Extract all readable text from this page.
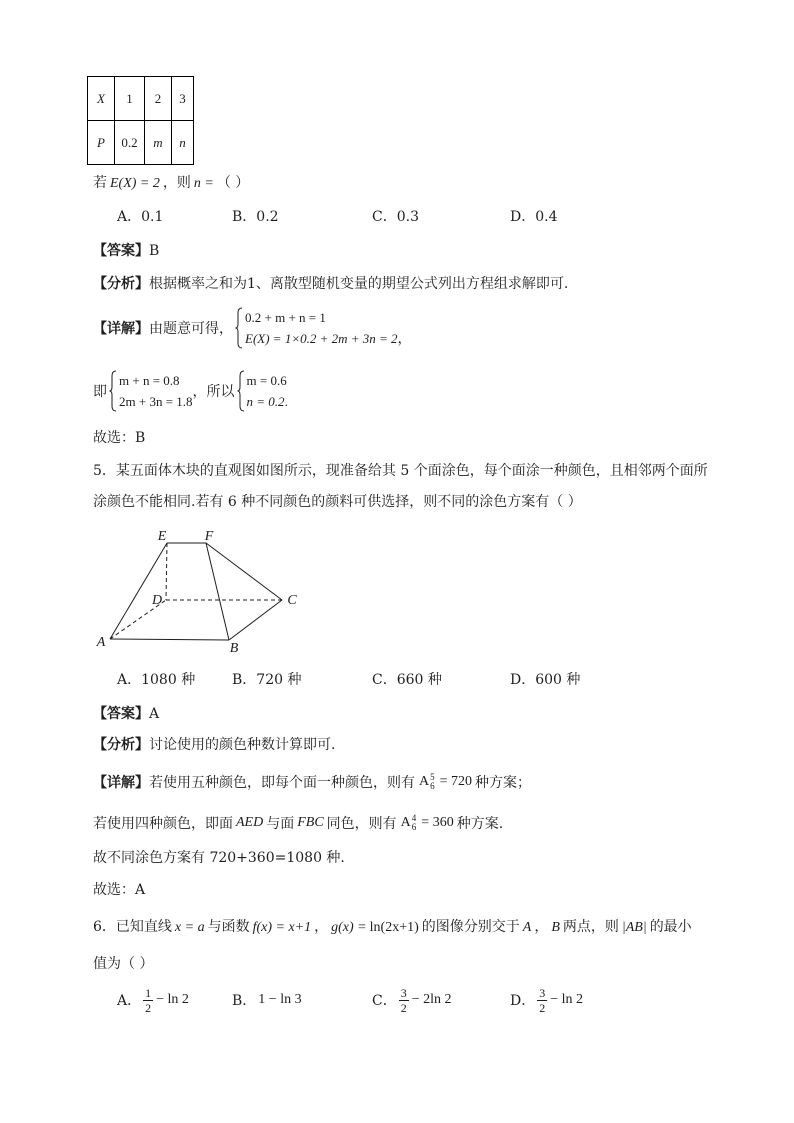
X	1	2	3
P	0.2	m	n
若 E(X) = 2 ，则 n = （ ）
A．0.1	B．0.2	C．0.3	D．0.4
【答案】B
【分析】根据概率之和为1、离散型随机变量的期望公式列出方程组求解即可.
【详解】 由题意可得，
0.2 + m + n = 1
E(X) = 1×0.2 + 2m + 3n = 2，
即
m + n = 0.8
2m + 3n = 1.8
，所以
m = 0.6
n = 0.2.
故选：B
5．某五面体木块的直观图如图所示，现准备给其 5 个面涂色，每个面涂一种颜色，且相邻两个面所
涂颜色不能相同.若有 6 种不同颜色的颜料可供选择，则不同的涂色方案有（ ）
E	F
D	C
A	B
A．1080 种	B．720 种	C．660 种	D．600 种
【答案】A
【分析】讨论使用的颜色种数计算即可.
【详解】 若使用五种颜色，即每个面一种颜色，则有 A 5
6 = 720 种方案；
若使用四种颜色，即面 AED 与面 FBC 同色，则有 A 4
6 = 360 种方案.
故不同涂色方案有 720+360=1080 种.
故选：A
6．已知直线 x = a 与函数 f(x) = x+1 ， g(x) = ln(2x+1) 的图像分别交于 A ， B 两点，则 |AB| 的最小
值为（ ）
A． $\frac{1}{2} - \ln 2$	B． 1 − ln 3	C． $\frac{3}{2} - 2\ln$ 2	D． $\frac{3}{2} - \ln 2$
